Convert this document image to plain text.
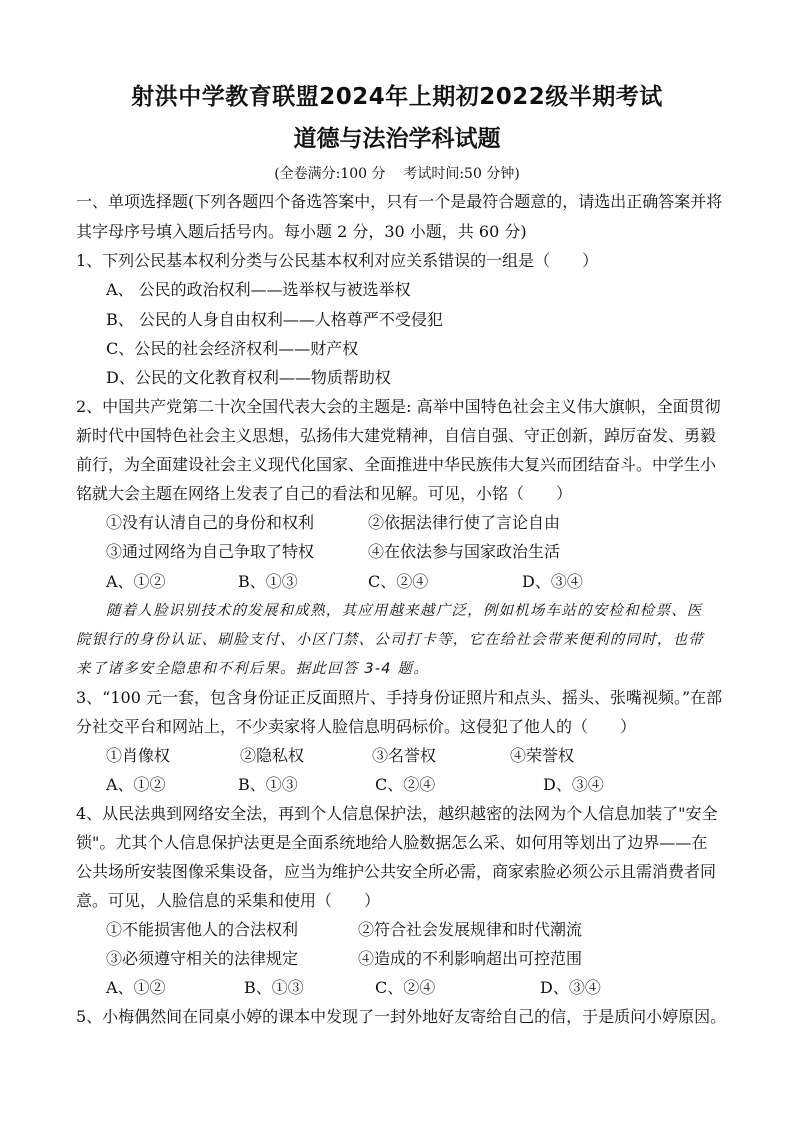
射洪中学教育联盟2024年上期初2022级半期考试
道德与法治学科试题
(全卷满分:100 分    考试时间:50 分钟)
一、单项选择题(下列各题四个备选答案中，只有一个是最符合题意的，请选出正确答案并将
其字母序号填入题后括号内。每小题 2 分，30 小题，共 60 分)
1、下列公民基本权利分类与公民基本权利对应关系错误的一组是（　　）
A、 公民的政治权利——选举权与被选举权
B、 公民的人身自由权利——人格尊严不受侵犯
C、公民的社会经济权利——财产权
D、公民的文化教育权利——物质帮助权
2、中国共产党第二十次全国代表大会的主题是: 高举中国特色社会主义伟大旗帜，全面贯彻
新时代中国特色社会主义思想，弘扬伟大建党精神，自信自强、守正创新，踔厉奋发、勇毅
前行，为全面建设社会主义现代化国家、全面推进中华民族伟大复兴而团结奋斗。中学生小
铭就大会主题在网络上发表了自己的看法和见解。可见，小铭（　　）
①没有认清自己的身份和权利	②依据法律行使了言论自由
③通过网络为自己争取了特权	④在依法参与国家政治生活
A、①②	B、①③	C、②④	D、③④
随着人脸识别技术的发展和成熟，其应用越来越广泛，例如机场车站的安检和检票、医
院银行的身份认证、刷脸支付、小区门禁、公司打卡等，它在给社会带来便利的同时，也带
来了诸多安全隐患和不利后果。据此回答 3-4 题。
3、“100 元一套，包含身份证正反面照片、手持身份证照片和点头、摇头、张嘴视频。”在部
分社交平台和网站上，不少卖家将人脸信息明码标价。这侵犯了他人的（　　）
①肖像权	②隐私权	③名誉权	④荣誉权
A、①②	B、①③	C、②④	D、③④
4、从民法典到网络安全法，再到个人信息保护法，越织越密的法网为个人信息加装了"安全
锁"。尤其个人信息保护法更是全面系统地给人脸数据怎么采、如何用等划出了边界——在
公共场所安装图像采集设备，应当为维护公共安全所必需，商家索脸必须公示且需消费者同
意。可见，人脸信息的采集和使用（　　）
①不能损害他人的合法权利	②符合社会发展规律和时代潮流
③必须遵守相关的法律规定	④造成的不利影响超出可控范围
A、①②	B、①③	C、②④	D、③④
5、小梅偶然间在同桌小婷的课本中发现了一封外地好友寄给自己的信，于是质问小婷原因。
